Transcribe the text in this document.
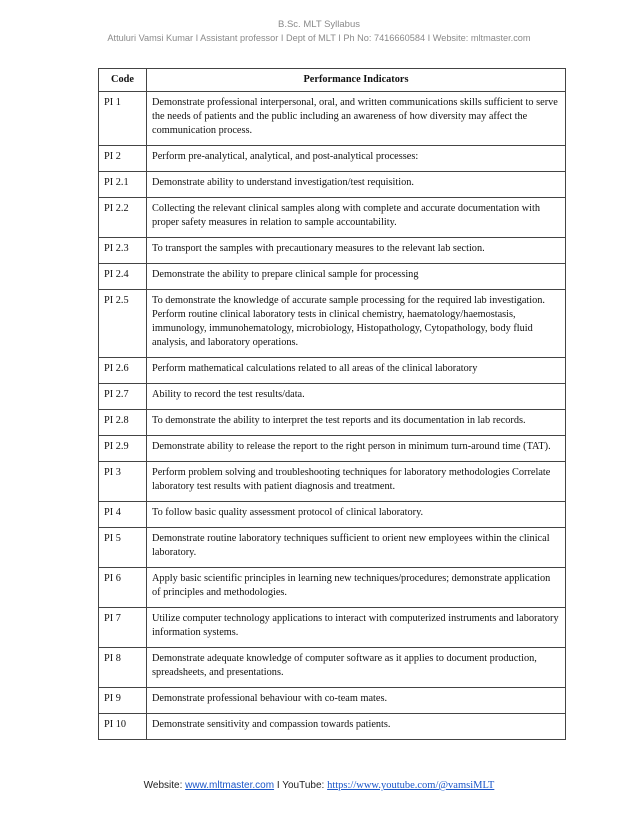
B.Sc. MLT Syllabus
Attuluri Vamsi Kumar I Assistant professor I Dept of MLT I Ph No: 7416660584 I Website: mltmaster.com
Code	Performance Indicators
PI 1	Demonstrate professional interpersonal, oral, and written communications skills sufficient to serve the needs of patients and the public including an awareness of how diversity may affect the communication process.
PI 2	Perform pre-analytical, analytical, and post-analytical processes:
PI 2.1	Demonstrate ability to understand investigation/test requisition.
PI 2.2	Collecting the relevant clinical samples along with complete and accurate documentation with proper safety measures in relation to sample accountability.
PI 2.3	To transport the samples with precautionary measures to the relevant lab section.
PI 2.4	Demonstrate the ability to prepare clinical sample for processing
PI 2.5	To demonstrate the knowledge of accurate sample processing for the required lab investigation. Perform routine clinical laboratory tests in clinical chemistry, haematology/haemostasis, immunology, immunohematology, microbiology, Histopathology, Cytopathology, body fluid analysis, and laboratory operations.
PI 2.6	Perform mathematical calculations related to all areas of the clinical laboratory
PI 2.7	Ability to record the test results/data.
PI 2.8	To demonstrate the ability to interpret the test reports and its documentation in lab records.
PI 2.9	Demonstrate ability to release the report to the right person in minimum turn-around time (TAT).
PI 3	Perform problem solving and troubleshooting techniques for laboratory methodologies Correlate laboratory test results with patient diagnosis and treatment.
PI 4	To follow basic quality assessment protocol of clinical laboratory.
PI 5	Demonstrate routine laboratory techniques sufficient to orient new employees within the clinical laboratory.
PI 6	Apply basic scientific principles in learning new techniques/procedures; demonstrate application of principles and methodologies.
PI 7	Utilize computer technology applications to interact with computerized instruments and laboratory information systems.
PI 8	Demonstrate adequate knowledge of computer software as it applies to document production, spreadsheets, and presentations.
PI 9	Demonstrate professional behaviour with co-team mates.
PI 10	Demonstrate sensitivity and compassion towards patients.
Website: www.mltmaster.com I YouTube: https://www.youtube.com/@vamsiMLT
